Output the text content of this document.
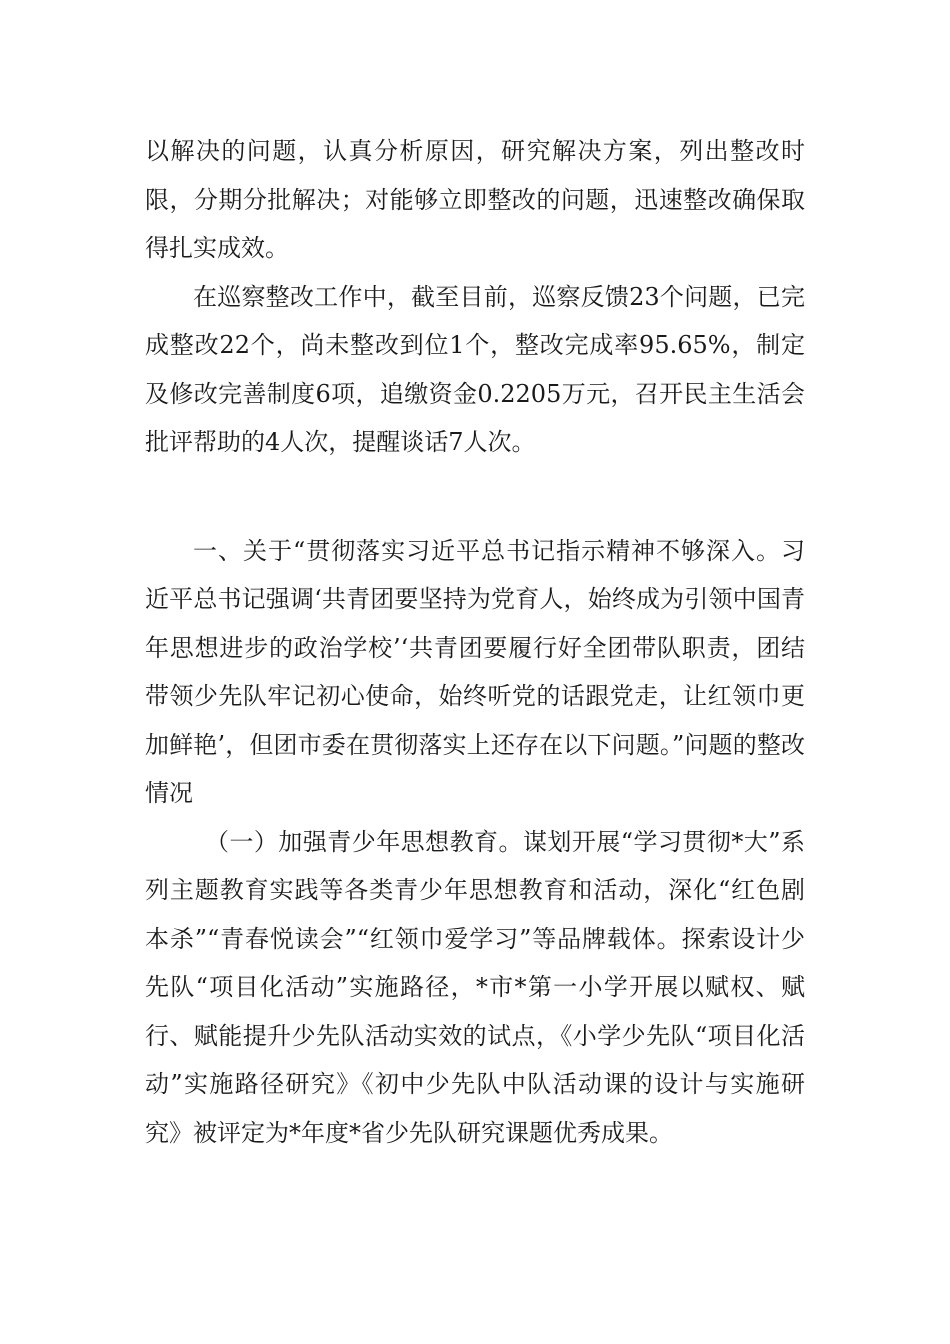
以解决的问题，认真分析原因，研究解决方案，列出整改时限，分期分批解决；对能够立即整改的问题，迅速整改确保取得扎实成效。

在巡察整改工作中，截至目前，巡察反馈23个问题，已完成整改22个，尚未整改到位1个，整改完成率95.65%，制定及修改完善制度6项，追缴资金0.2205万元，召开民主生活会批评帮助的4人次，提醒谈话7人次。

一、关于“贯彻落实习近平总书记指示精神不够深入。习近平总书记强调‘共青团要坚持为党育人，始终成为引领中国青年思想进步的政治学校’‘共青团要履行好全团带队职责，团结带领少先队牢记初心使命，始终听党的话跟党走，让红领巾更加鲜艳’，但团市委在贯彻落实上还存在以下问题。”问题的整改情况

（一）加强青少年思想教育。谋划开展“学习贯彻*大”系列主题教育实践等各类青少年思想教育和活动，深化“红色剧本杀”“青春悦读会”“红领巾爱学习”等品牌载体。探索设计少先队“项目化活动”实施路径，*市*第一小学开展以赋权、赋行、赋能提升少先队活动实效的试点，《小学少先队“项目化活动”实施路径研究》《初中少先队中队活动课的设计与实施研究》被评定为*年度*省少先队研究课题优秀成果。
